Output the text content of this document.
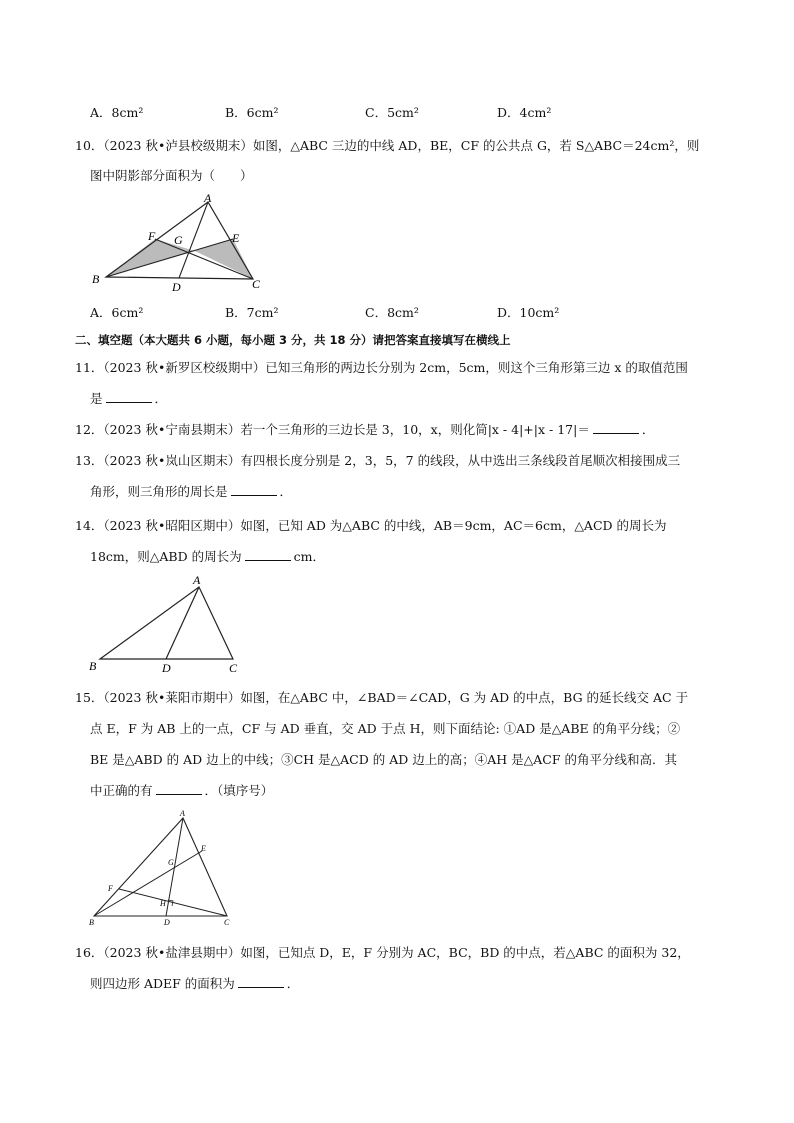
A．8cm²	B．6cm²	C．5cm²	D．4cm²
10．（2023 秋•泸县校级期末）如图，△ABC 三边的中线 AD，BE，CF 的公共点 G，若 S△ABC＝24cm²，则
图中阴影部分面积为（　　）
A
B	C
D
E
F G
A．6cm²	B．7cm²	C．8cm²	D．10cm²
二、填空题（本大题共 6 小题，每小题 3 分，共 18 分）请把答案直接填写在横线上
11．（2023 秋•新罗区校级期中）已知三角形的两边长分别为 2cm，5cm，则这个三角形第三边 x 的取值范围
是	．
12．（2023 秋•宁南县期末）若一个三角形的三边长是 3，10，x，则化简|x - 4|+|x - 17|＝	．
13．（2023 秋•岚山区期末）有四根长度分别是 2，3，5，7 的线段，从中选出三条线段首尾顺次相接围成三
角形，则三角形的周长是	．
14．（2023 秋•昭阳区期中）如图，已知 AD 为△ABC 的中线，AB＝9cm，AC＝6cm，△ACD 的周长为
18cm，则△ABD 的周长为	cm．
A
B	D	C
15．（2023 秋•莱阳市期中）如图，在△ABC 中，∠BAD＝∠CAD，G 为 AD 的中点，BG 的延长线交 AC 于
点 E，F 为 AB 上的一点，CF 与 AD 垂直，交 AD 于点 H，则下面结论: ①AD 是△ABE 的角平分线；②
BE 是△ABD 的 AD 边上的中线；③CH 是△ACD 的 AD 边上的高；④AH 是△ACF 的角平分线和高．其
中正确的有	．（填序号）
A
E
G
F
H
B	D	C
16．（2023 秋•盐津县期中）如图，已知点 D，E，F 分别为 AC，BC，BD 的中点，若△ABC 的面积为 32，
则四边形 ADEF 的面积为	．
